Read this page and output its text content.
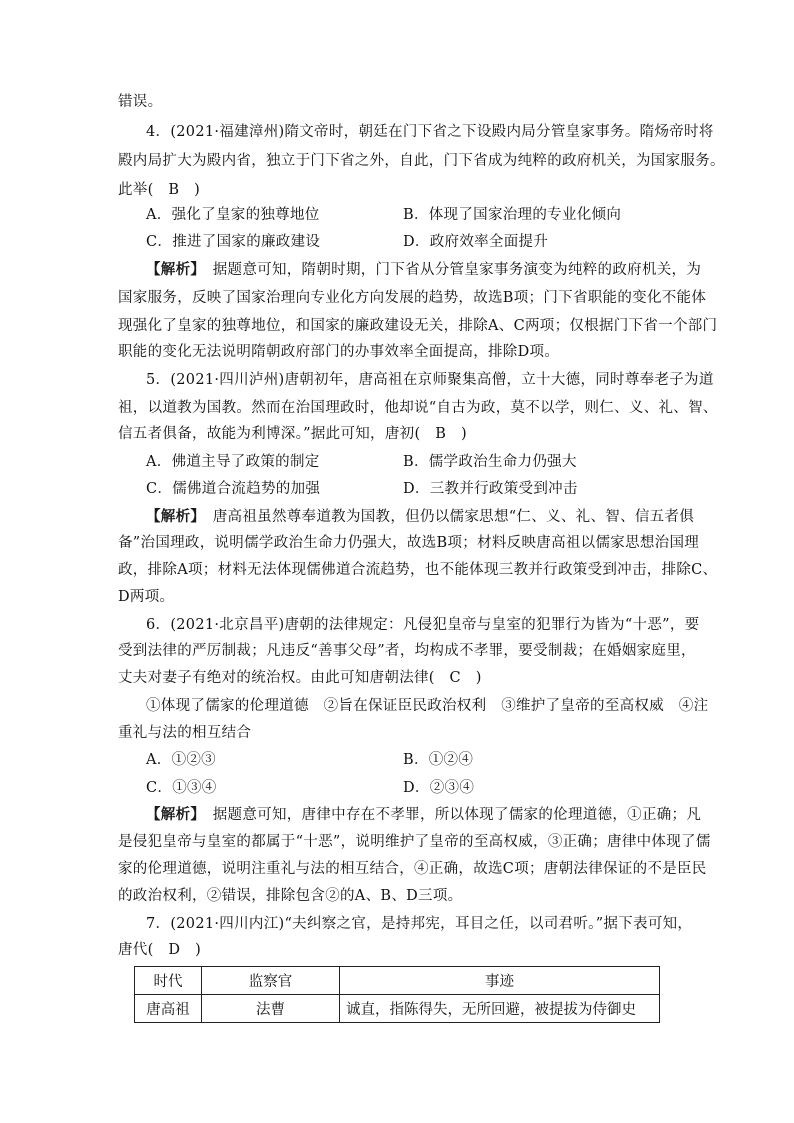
错误。
4．(2021·福建漳州)隋文帝时，朝廷在门下省之下设殿内局分管皇家事务。隋炀帝时将
殿内局扩大为殿内省，独立于门下省之外，自此，门下省成为纯粹的政府机关，为国家服务。
此举(　B　)
A．强化了皇家的独尊地位	B．体现了国家治理的专业化倾向
C．推进了国家的廉政建设	D．政府效率全面提升
【解析】　据题意可知，隋朝时期，门下省从分管皇家事务演变为纯粹的政府机关，为
国家服务，反映了国家治理向专业化方向发展的趋势，故选B项；门下省职能的变化不能体
现强化了皇家的独尊地位，和国家的廉政建设无关，排除A、C两项；仅根据门下省一个部门
职能的变化无法说明隋朝政府部门的办事效率全面提高，排除D项。
5．(2021·四川泸州)唐朝初年，唐高祖在京师聚集高僧，立十大德，同时尊奉老子为道
祖，以道教为国教。然而在治国理政时，他却说“自古为政，莫不以学，则仁、义、礼、智、
信五者俱备，故能为利博深。”据此可知，唐初(　B　)
A．佛道主导了政策的制定	B．儒学政治生命力仍强大
C．儒佛道合流趋势的加强	D．三教并行政策受到冲击
【解析】　唐高祖虽然尊奉道教为国教，但仍以儒家思想“仁、义、礼、智、信五者俱
备”治国理政，说明儒学政治生命力仍强大，故选B项；材料反映唐高祖以儒家思想治国理
政，排除A项；材料无法体现儒佛道合流趋势，也不能体现三教并行政策受到冲击，排除C、
D两项。
6．(2021·北京昌平)唐朝的法律规定：凡侵犯皇帝与皇室的犯罪行为皆为“十恶”，要
受到法律的严厉制裁；凡违反“善事父母”者，均构成不孝罪，要受制裁；在婚姻家庭里，
丈夫对妻子有绝对的统治权。由此可知唐朝法律(　C　)
①体现了儒家的伦理道德　②旨在保证臣民政治权利　③维护了皇帝的至高权威　④注
重礼与法的相互结合
A．①②③	B．①②④
C．①③④	D．②③④
【解析】　据题意可知，唐律中存在不孝罪，所以体现了儒家的伦理道德，①正确；凡
是侵犯皇帝与皇室的都属于“十恶”，说明维护了皇帝的至高权威，③正确；唐律中体现了儒
家的伦理道德，说明注重礼与法的相互结合，④正确，故选C项；唐朝法律保证的不是臣民
的政治权利，②错误，排除包含②的A、B、D三项。
7．(2021·四川内江)“夫纠察之官，是持邦宪，耳目之任，以司君听。”据下表可知，
唐代(　D　)
时代	监察官	事迹
唐高祖	法曹	诚直，指陈得失，无所回避，被提拔为侍御史
